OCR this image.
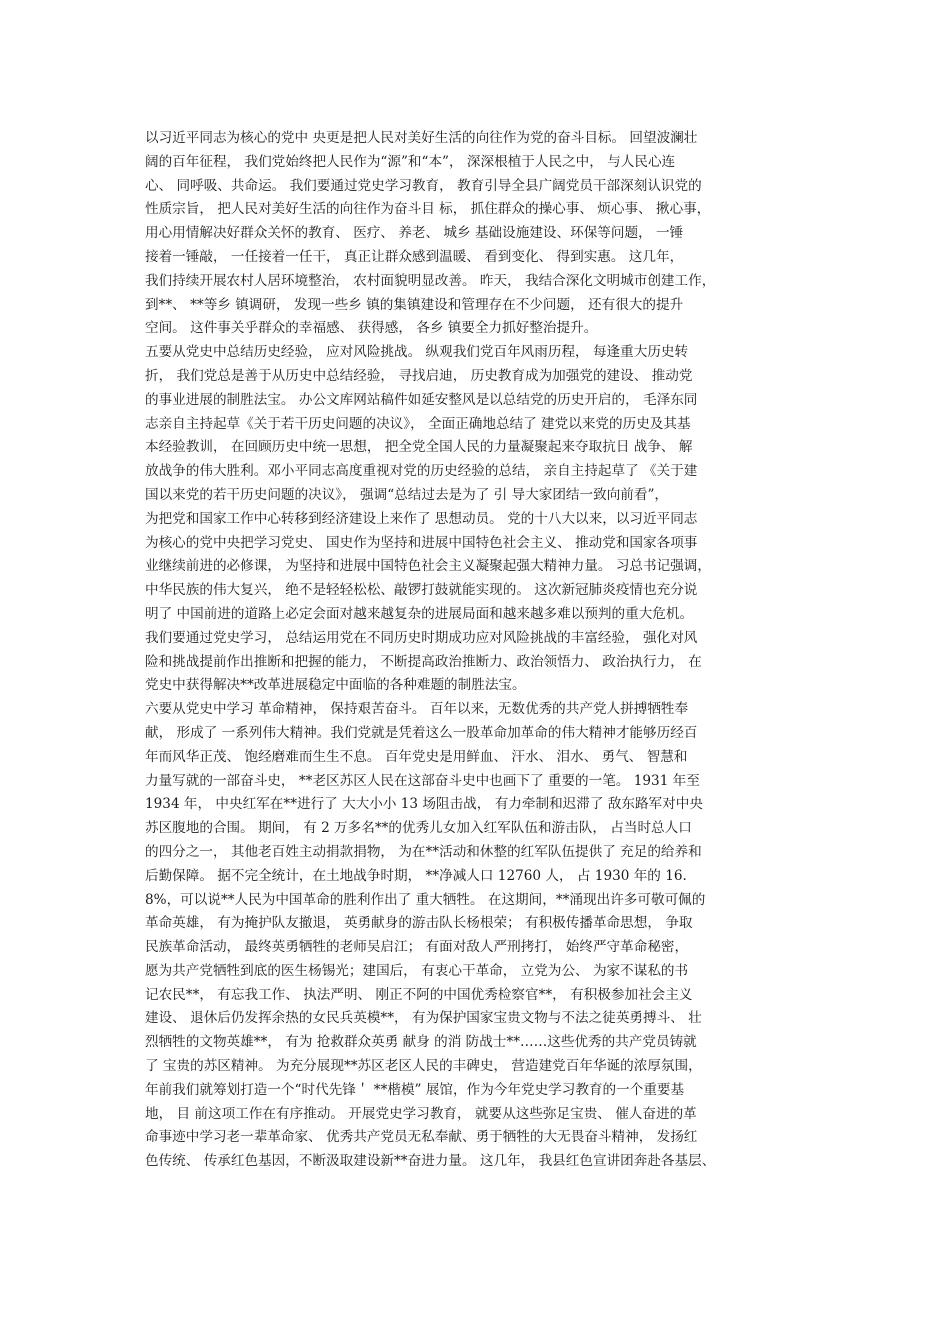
以习近平同志为核心的党中 央更是把人民对美好生活的向往作为党的奋斗目标。 回望波澜壮
阔的百年征程， 我们党始终把人民作为“源”和“本”， 深深根植于人民之中， 与人民心连
心、 同呼吸、共命运。 我们要通过党史学习教育， 教育引导全县广阔党员干部深刻认识党的
性质宗旨， 把人民对美好生活的向往作为奋斗目 标， 抓住群众的操心事、 烦心事、 揪心事，
用心用情解决好群众关怀的教育、 医疗、 养老、 城乡 基础设施建设、环保等问题， 一锤
接着一锤敲， 一任接着一任干， 真正让群众感到温暖、 看到变化、 得到实惠。 这几年，
我们持续开展农村人居环境整治， 农村面貌明显改善。 昨天， 我结合深化文明城市创建工作，
到**、 **等乡 镇调研， 发现一些乡 镇的集镇建设和管理存在不少问题， 还有很大的提升
空间。 这件事关乎群众的幸福感、 获得感， 各乡 镇要全力抓好整治提升。
五要从党史中总结历史经验， 应对风险挑战。 纵观我们党百年风雨历程， 每逢重大历史转
折， 我们党总是善于从历史中总结经验， 寻找启迪， 历史教育成为加强党的建设、 推动党
的事业进展的制胜法宝。 办公文库网站稿件如延安整风是以总结党的历史开启的， 毛泽东同
志亲自主持起草《关于若干历史问题的决议》， 全面正确地总结了 建党以来党的历史及其基
本经验教训， 在回顾历史中统一思想， 把全党全国人民的力量凝聚起来夺取抗日 战争、 解
放战争的伟大胜利。邓小平同志高度重视对党的历史经验的总结， 亲自主持起草了 《关于建
国以来党的若干历史问题的决议》， 强调“总结过去是为了 引 导大家团结一致向前看”，
为把党和国家工作中心转移到经济建设上来作了 思想动员。 党的十八大以来，以习近平同志
为核心的党中央把学习党史、 国史作为坚持和进展中国特色社会主义、 推动党和国家各项事
业继续前进的必修课， 为坚持和进展中国特色社会主义凝聚起强大精神力量。 习总书记强调，
中华民族的伟大复兴， 绝不是轻轻松松、敲锣打鼓就能实现的。 这次新冠肺炎疫情也充分说
明了 中国前进的道路上必定会面对越来越复杂的进展局面和越来越多难以预判的重大危机。
我们要通过党史学习， 总结运用党在不同历史时期成功应对风险挑战的丰富经验， 强化对风
险和挑战提前作出推断和把握的能力， 不断提高政治推断力、政治领悟力、 政治执行力， 在
党史中获得解决**改革进展稳定中面临的各种难题的制胜法宝。
六要从党史中学习 革命精神， 保持艰苦奋斗。 百年以来，无数优秀的共产党人拼搏牺牲奉
献， 形成了 一系列伟大精神。我们党就是凭着这么一股革命加革命的伟大精神才能够历经百
年而风华正茂、 饱经磨难而生生不息。 百年党史是用鲜血、 汗水、 泪水、 勇气、 智慧和
力量写就的一部奋斗史， **老区苏区人民在这部奋斗史中也画下了 重要的一笔。 1931 年至
1934 年， 中央红军在**进行了 大大小小 13 场阻击战， 有力牵制和迟滞了 敌东路军对中央
苏区腹地的合围。 期间， 有 2 万多名**的优秀儿女加入红军队伍和游击队， 占当时总人口
的四分之一， 其他老百姓主动捐款捐物， 为在**活动和休整的红军队伍提供了 充足的给养和
后勤保障。 据不完全统计，在土地战争时期， **净减人口 12760 人， 占 1930 年的 16.
8%，可以说**人民为中国革命的胜利作出了 重大牺牲。 在这期间，**涌现出许多可敬可佩的
革命英雄， 有为掩护队友撤退， 英勇献身的游击队长杨根荣； 有积极传播革命思想， 争取
民族革命活动， 最终英勇牺牲的老师吴启江； 有面对敌人严刑拷打， 始终严守革命秘密，
愿为共产党牺牲到底的医生杨锡光；建国后， 有衷心干革命， 立党为公、 为家不谋私的书
记农民**， 有忘我工作、 执法严明、 刚正不阿的中国优秀检察官**， 有积极参加社会主义
建设、 退休后仍发挥余热的女民兵英模**， 有为保护国家宝贵文物与不法之徒英勇搏斗、 壮
烈牺牲的文物英雄**， 有为 抢救群众英勇 献身 的消 防战士**……这些优秀的共产党员铸就
了 宝贵的苏区精神。 为充分展现**苏区老区人民的丰碑史， 营造建党百年华诞的浓厚氛围，
年前我们就筹划打造一个“时代先锋＇ **楷模” 展馆，作为今年党史学习教育的一个重要基
地， 目 前这项工作在有序推动。 开展党史学习教育， 就要从这些弥足宝贵、 催人奋进的革
命事迹中学习老一辈革命家、 优秀共产党员无私奉献、勇于牺牲的大无畏奋斗精神， 发扬红
色传统、 传承红色基因，不断汲取建设新**奋进力量。 这几年， 我县红色宣讲团奔赴各基层、
